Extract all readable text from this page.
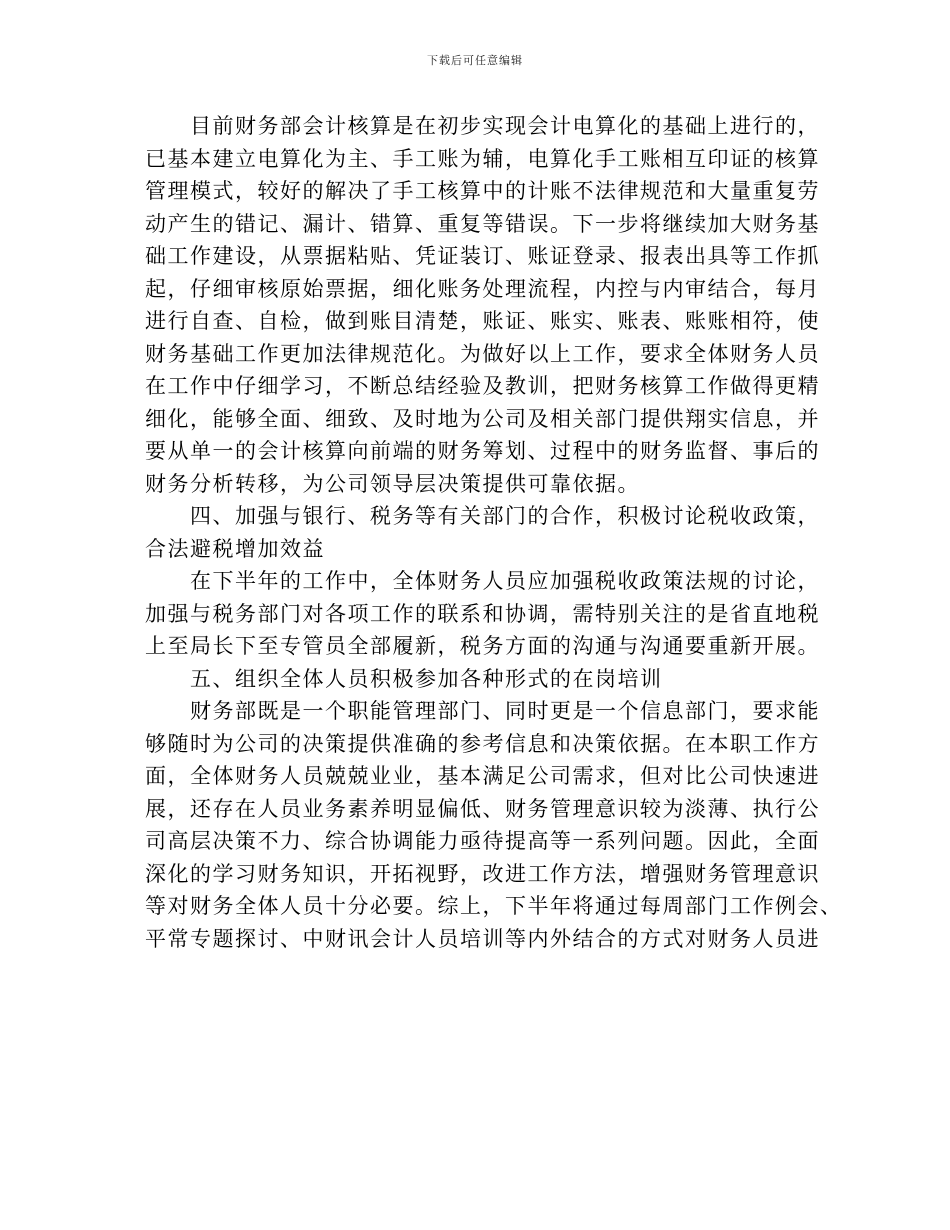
下载后可任意编辑

目前财务部会计核算是在初步实现会计电算化的基础上进行的，
已基本建立电算化为主、手工账为辅，电算化手工账相互印证的核算
管理模式，较好的解决了手工核算中的计账不法律规范和大量重复劳
动产生的错记、漏计、错算、重复等错误。下一步将继续加大财务基
础工作建设，从票据粘贴、凭证装订、账证登录、报表出具等工作抓
起，仔细审核原始票据，细化账务处理流程，内控与内审结合，每月
进行自查、自检，做到账目清楚，账证、账实、账表、账账相符，使
财务基础工作更加法律规范化。为做好以上工作，要求全体财务人员
在工作中仔细学习，不断总结经验及教训，把财务核算工作做得更精
细化，能够全面、细致、及时地为公司及相关部门提供翔实信息，并
要从单一的会计核算向前端的财务筹划、过程中的财务监督、事后的
财务分析转移，为公司领导层决策提供可靠依据。

四、加强与银行、税务等有关部门的合作，积极讨论税收政策，
合法避税增加效益

在下半年的工作中，全体财务人员应加强税收政策法规的讨论，
加强与税务部门对各项工作的联系和协调，需特别关注的是省直地税
上至局长下至专管员全部履新，税务方面的沟通与沟通要重新开展。

五、组织全体人员积极参加各种形式的在岗培训

财务部既是一个职能管理部门、同时更是一个信息部门，要求能
够随时为公司的决策提供准确的参考信息和决策依据。在本职工作方
面，全体财务人员兢兢业业，基本满足公司需求，但对比公司快速进
展，还存在人员业务素养明显偏低、财务管理意识较为淡薄、执行公
司高层决策不力、综合协调能力亟待提高等一系列问题。因此，全面
深化的学习财务知识，开拓视野，改进工作方法，增强财务管理意识
等对财务全体人员十分必要。综上，下半年将通过每周部门工作例会、
平常专题探讨、中财讯会计人员培训等内外结合的方式对财务人员进
